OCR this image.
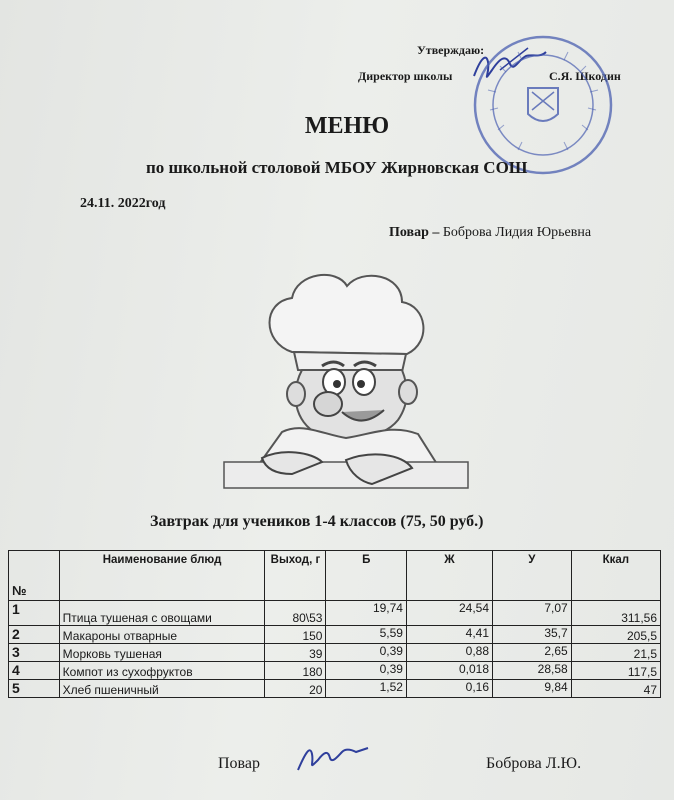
Утверждаю:
Директор школы	С.Я. Шкодин
МЕНЮ
по школьной столовой МБОУ Жирновская СОШ
24.11. 2022год
Повар – Боброва Лидия Юрьевна
Завтрак для учеников 1-4 классов (75, 50 руб.)
№	Наименование блюд	Выход, г	Б	Ж	У	Ккал
1	Птица тушеная с овощами	80\53	19,74	24,54	7,07	311,56
2	Макароны отварные	150	5,59	4,41	35,7	205,5
3	Морковь тушеная	39	0,39	0,88	2,65	21,5
4	Компот из сухофруктов	180	0,39	0,018	28,58	117,5
5	Хлеб пшеничный	20	1,52	0,16	9,84	47
Повар	Боброва Л.Ю.
